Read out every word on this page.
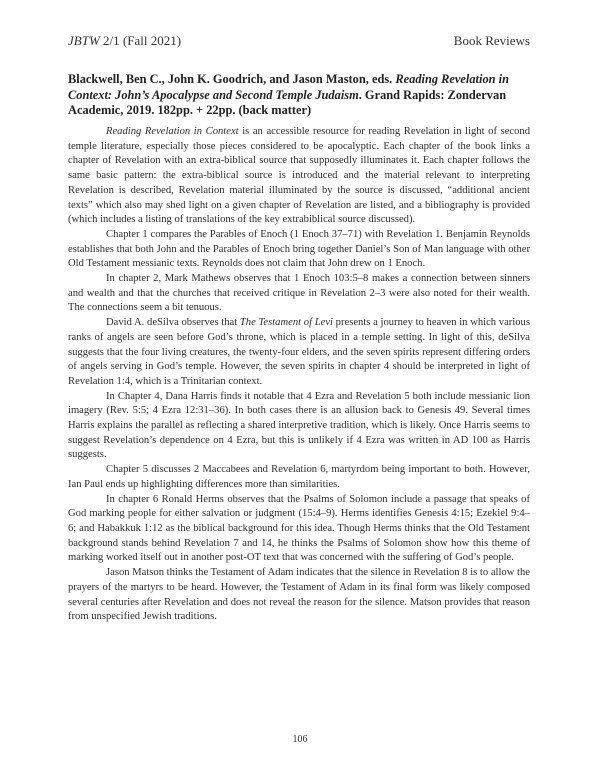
JBTW 2/1 (Fall 2021)	Book Reviews
Blackwell, Ben C., John K. Goodrich, and Jason Maston, eds. Reading Revelation in Context: John’s Apocalypse and Second Temple Judaism. Grand Rapids: Zondervan Academic, 2019. 182pp. + 22pp. (back matter)

Reading Revelation in Context is an accessible resource for reading Revelation in light of second temple literature, especially those pieces considered to be apocalyptic. Each chapter of the book links a chapter of Revelation with an extra-biblical source that supposedly illuminates it. Each chapter follows the same basic pattern: the extra-biblical source is introduced and the material relevant to interpreting Revelation is described, Revelation material illuminated by the source is discussed, “additional ancient texts” which also may shed light on a given chapter of Revelation are listed, and a bibliography is provided (which includes a listing of translations of the key extrabiblical source discussed).

Chapter 1 compares the Parables of Enoch (1 Enoch 37–71) with Revelation 1. Benjamin Reynolds establishes that both John and the Parables of Enoch bring together Daniel’s Son of Man language with other Old Testament messianic texts. Reynolds does not claim that John drew on 1 Enoch.

In chapter 2, Mark Mathews observes that 1 Enoch 103:5–8 makes a connection between sinners and wealth and that the churches that received critique in Revelation 2–3 were also noted for their wealth. The connections seem a bit tenuous.

David A. deSilva observes that The Testament of Levi presents a journey to heaven in which various ranks of angels are seen before God’s throne, which is placed in a temple setting. In light of this, deSilva suggests that the four living creatures, the twenty-four elders, and the seven spirits represent differing orders of angels serving in God’s temple. However, the seven spirits in chapter 4 should be interpreted in light of Revelation 1:4, which is a Trinitarian context.

In Chapter 4, Dana Harris finds it notable that 4 Ezra and Revelation 5 both include messianic lion imagery (Rev. 5:5; 4 Ezra 12:31–36). In both cases there is an allusion back to Genesis 49. Several times Harris explains the parallel as reflecting a shared interpretive tradition, which is likely. Once Harris seems to suggest Revelation’s dependence on 4 Ezra, but this is unlikely if 4 Ezra was written in AD 100 as Harris suggests.

Chapter 5 discusses 2 Maccabees and Revelation 6, martyrdom being important to both. However, Ian Paul ends up highlighting differences more than similarities.

In chapter 6 Ronald Herms observes that the Psalms of Solomon include a passage that speaks of God marking people for either salvation or judgment (15:4–9). Herms identifies Genesis 4:15; Ezekiel 9:4–6; and Habakkuk 1:12 as the biblical background for this idea. Though Herms thinks that the Old Testament background stands behind Revelation 7 and 14, he thinks the Psalms of Solomon show how this theme of marking worked itself out in another post-OT text that was concerned with the suffering of God’s people.

Jason Matson thinks the Testament of Adam indicates that the silence in Revelation 8 is to allow the prayers of the martyrs to be heard. However, the Testament of Adam in its final form was likely composed several centuries after Revelation and does not reveal the reason for the silence. Matson provides that reason from unspecified Jewish traditions.

106
